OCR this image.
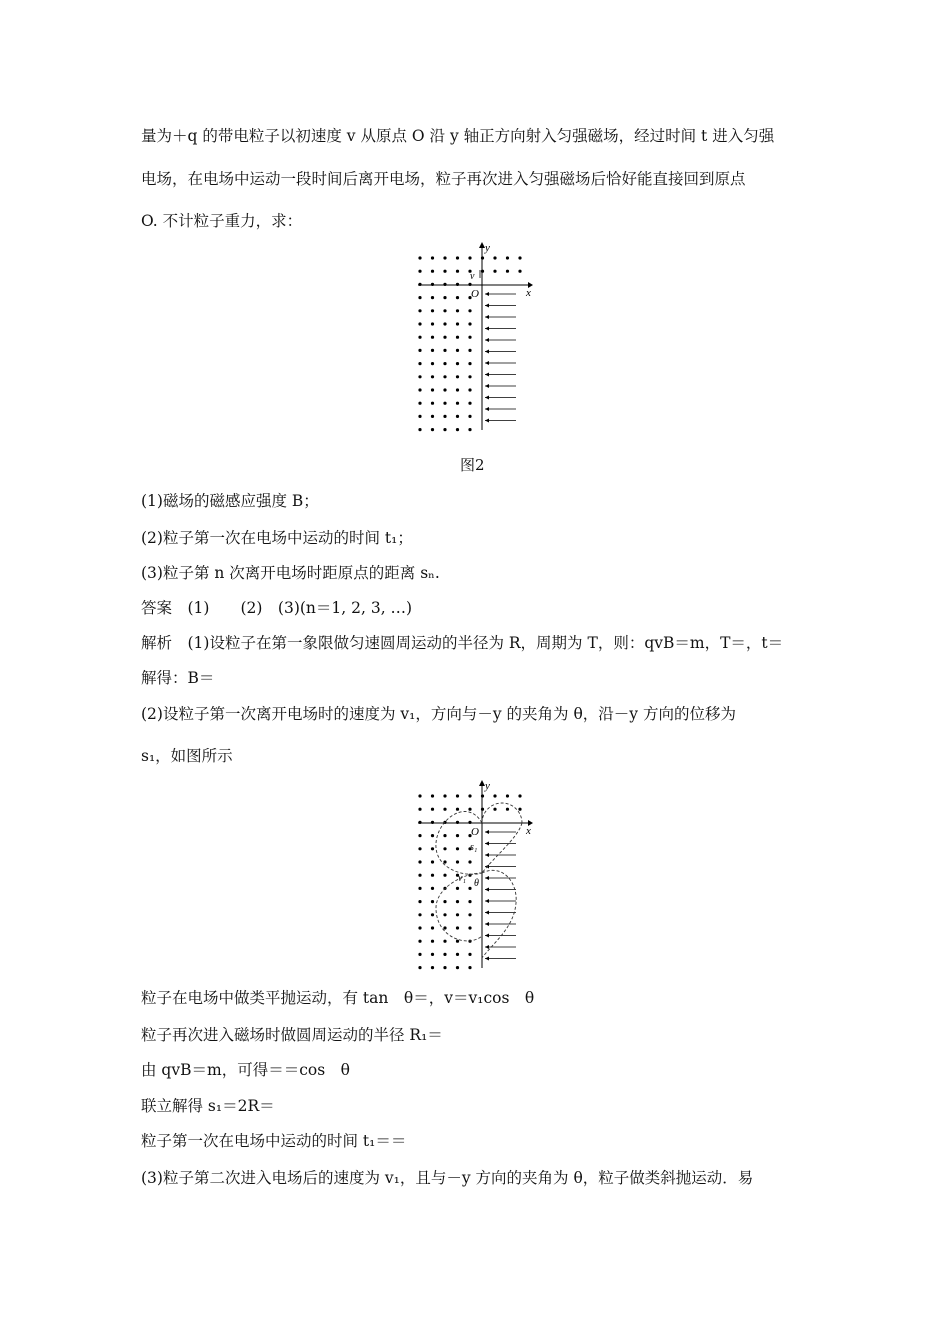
量为＋q 的带电粒子以初速度 v 从原点 O 沿 y 轴正方向射入匀强磁场，经过时间 t 进入匀强
电场，在电场中运动一段时间后离开电场，粒子再次进入匀强磁场后恰好能直接回到原点
O. 不计粒子重力，求：
y
x
v
O
图2
(1)磁场的磁感应强度 B；
(2)粒子第一次在电场中运动的时间 t₁；
(3)粒子第 n 次离开电场时距原点的距离 sₙ.
答案　(1)　　(2)　(3)(n＝1, 2, 3, …)
解析　(1)设粒子在第一象限做匀速圆周运动的半径为 R，周期为 T，则：qvB＝m，T＝，t＝
解得：B＝
(2)设粒子第一次离开电场时的速度为 v₁，方向与－y 的夹角为 θ，沿－y 方向的位移为
s₁，如图所示
y
x
O
s₁
v₁ θ
粒子在电场中做类平抛运动，有 tan　θ＝，v＝v₁cos　θ
粒子再次进入磁场时做圆周运动的半径 R₁＝
由 qvB＝m，可得＝＝cos　θ
联立解得 s₁＝2R＝
粒子第一次在电场中运动的时间 t₁＝＝
(3)粒子第二次进入电场后的速度为 v₁，且与－y 方向的夹角为 θ，粒子做类斜抛运动．易
